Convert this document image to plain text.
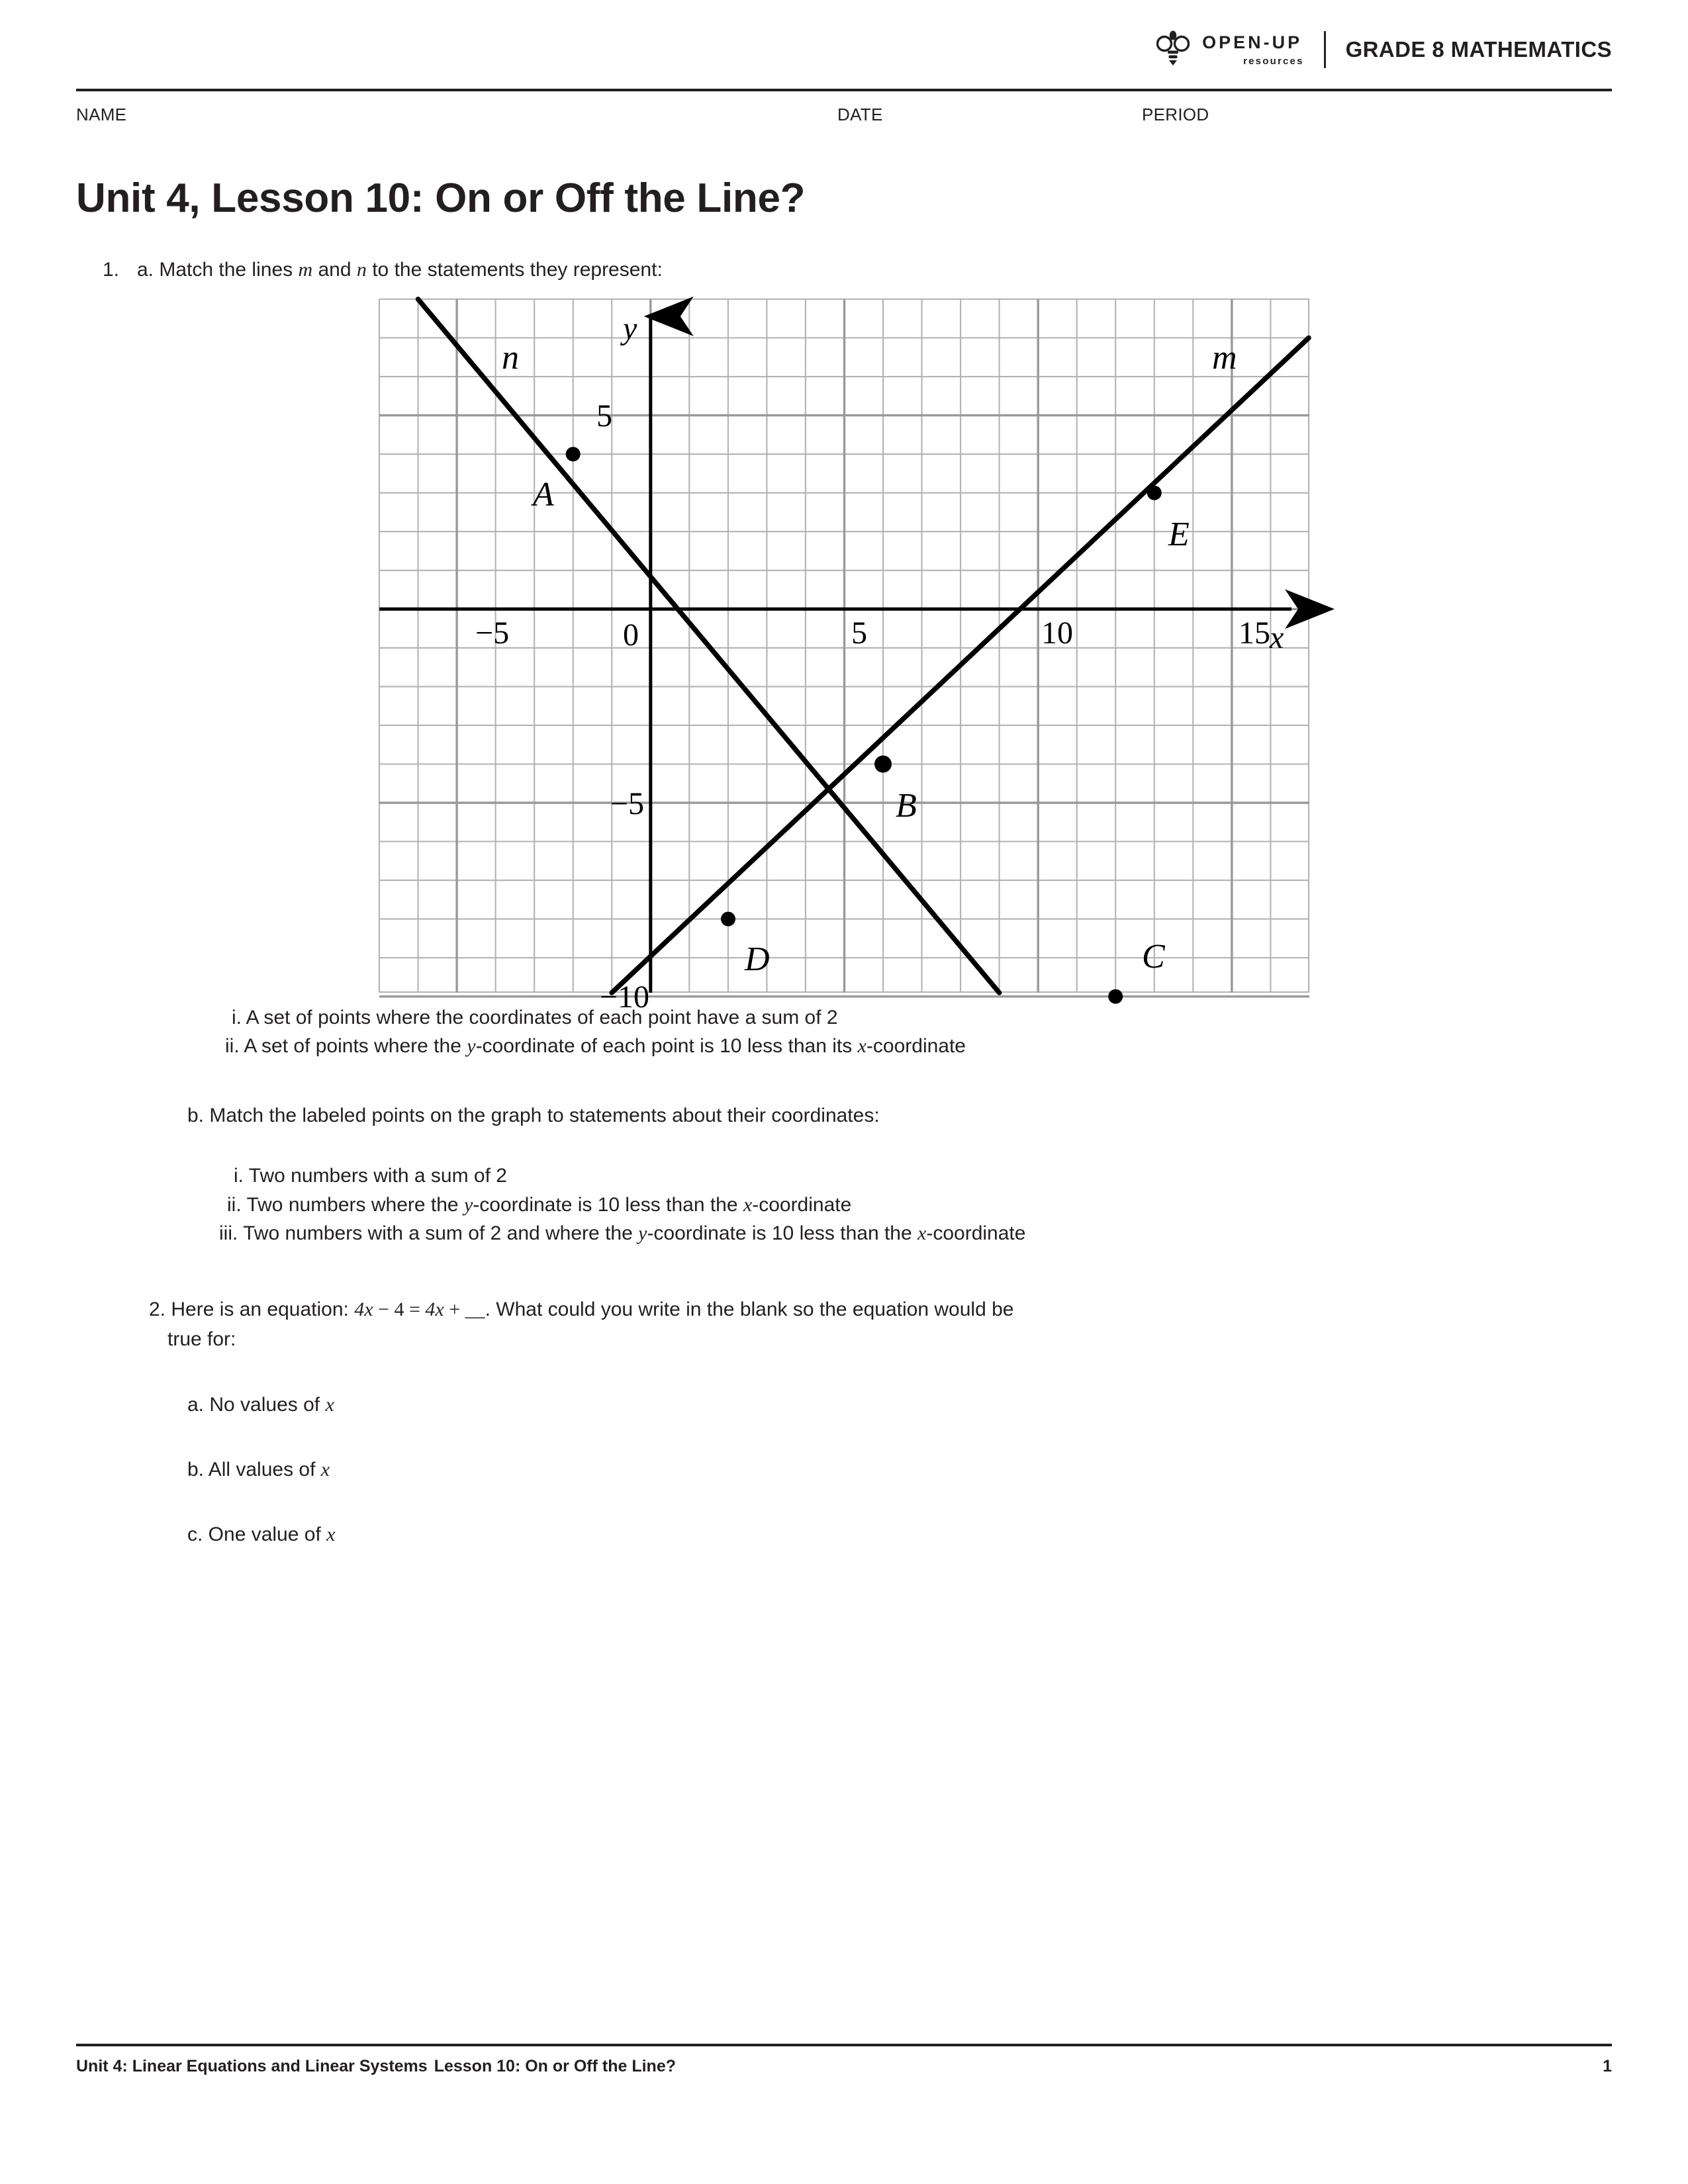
OPEN-UP
resources GRADE 8 MATHEMATICS
NAME	DATE	PERIOD
Unit 4, Lesson 10: On or Off the Line?
1. a. Match the lines m and n to the statements they represent:
−5	0	5	10	15
5
−5
−10
x
y
n	m
A
B
C
D
E
i. A set of points where the coordinates of each point have a sum of 2
ii. A set of points where the y-coordinate of each point is 10 less than its x-coordinate
b. Match the labeled points on the graph to statements about their coordinates:
i. Two numbers with a sum of 2
ii. Two numbers where the y-coordinate is 10 less than the x-coordinate
iii. Two numbers with a sum of 2 and where the y-coordinate is 10 less than the x-coordinate
2. Here is an equation: 4x − 4 = 4x + __. What could you write in the blank so the equation would be
true for:
a. No values of x
b. All values of x
c. One value of x
Unit 4: Linear Equations and Linear Systems Lesson 10: On or Off the Line?	1
